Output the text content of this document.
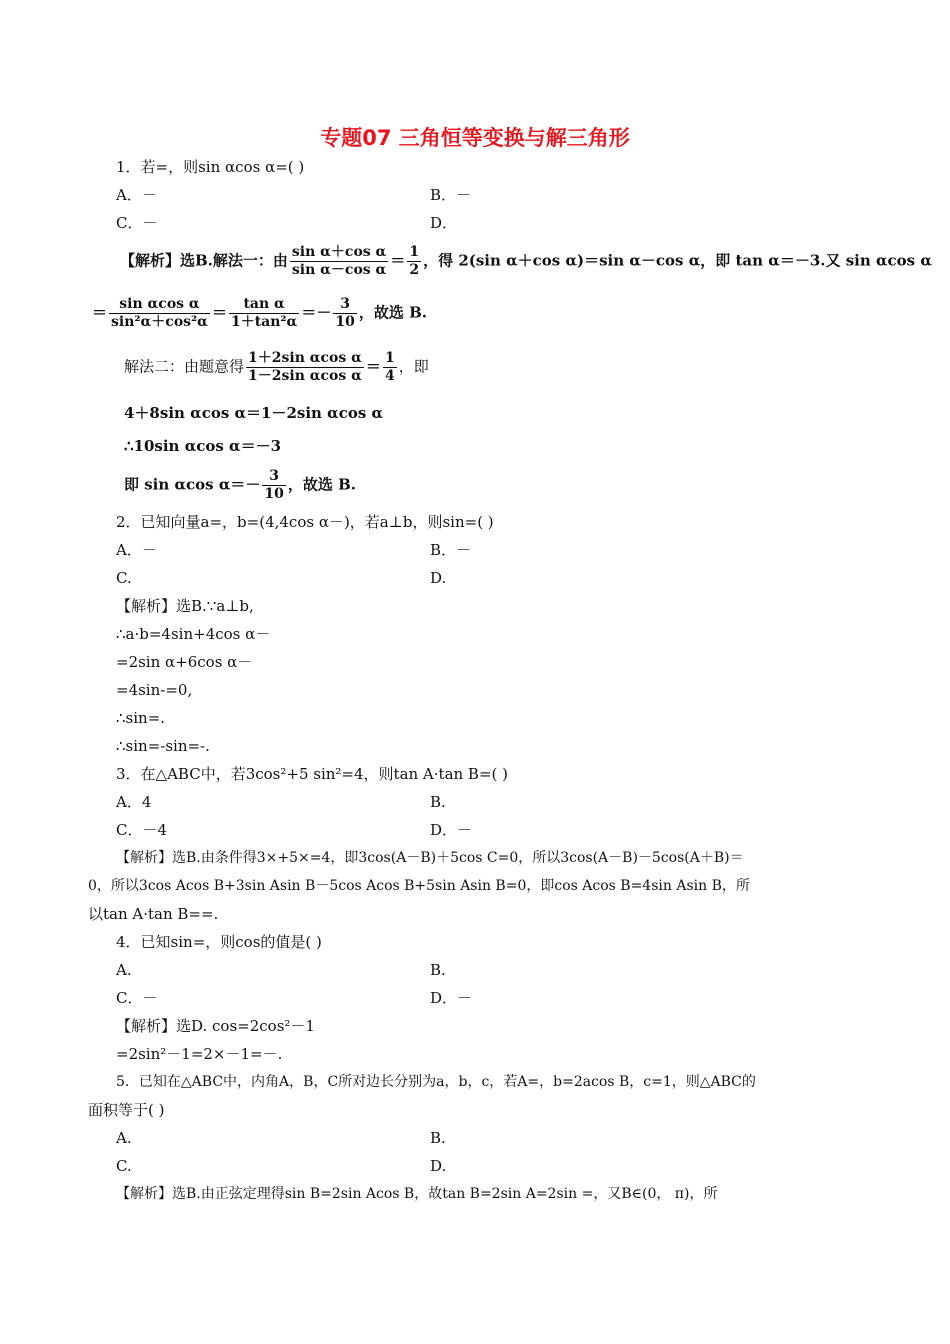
专题07 三角恒等变换与解三角形
1．若=，则sin αcos α=( )
A．－	B．－
C．－	D．
【解析】选B.解法一：由 $\frac{\text{sin α＋cos α}}{\text{sin α－cos α}} = \frac{1}{2}$ ，得 2(sin α＋cos α)＝sin α－cos α，即 tan α＝－3.又 sin αcos α
＝ $\frac{\text{sin αcos α}}{\text{sin²α＋cos²α}} = \frac{\text{tan α}}{\text{1＋tan²α}} =- \frac{3}{10}$ ，故选 B.
解法二：由题意得 $\frac{\text{1＋2sin αcos α}}{\text{1－2sin αcos α}} = \frac{1}{4}$ ，即
4＋8sin αcos α＝1－2sin αcos α
∴10sin αcos α＝－3
即 sin αcos $\alpha=- \frac{3}{10}$ ，故选 B.
2．已知向量a=，b=(4,4cos α－)，若a⊥b，则sin=( )
A．－	B．－
C.	D.
【解析】选B.∵a⊥b,
∴a·b=4sin+4cos α－
=2sin α+6cos α－
=4sin-=0,
∴sin=.
∴sin=-sin=-.
3．在△ABC中，若3cos²+5 sin²=4，则tan A·tan B=( )
A．4	B.
C．－4	D．－
【解析】选B.由条件得3×+5×=4，即3cos(A－B)＋5cos C=0，所以3cos(A－B)－5cos(A＋B)＝
0，所以3cos Acos B+3sin Asin B－5cos Acos B+5sin Asin B=0，即cos Acos B=4sin Asin B，所
以tan A·tan B==.
4．已知sin=，则cos的值是( )
A.	B.
C．－	D．－
【解析】选D. cos=2cos²－1
=2sin²－1=2×－1=－.
5．已知在△ABC中，内角A，B，C所对边长分别为a，b，c，若A=，b=2acos B，c=1，则△ABC的
面积等于( )
A.	B.
C.	D.
【解析】选B.由正弦定理得sin B=2sin Acos B，故tan B=2sin A=2sin =，又B∈(0， π)，所
